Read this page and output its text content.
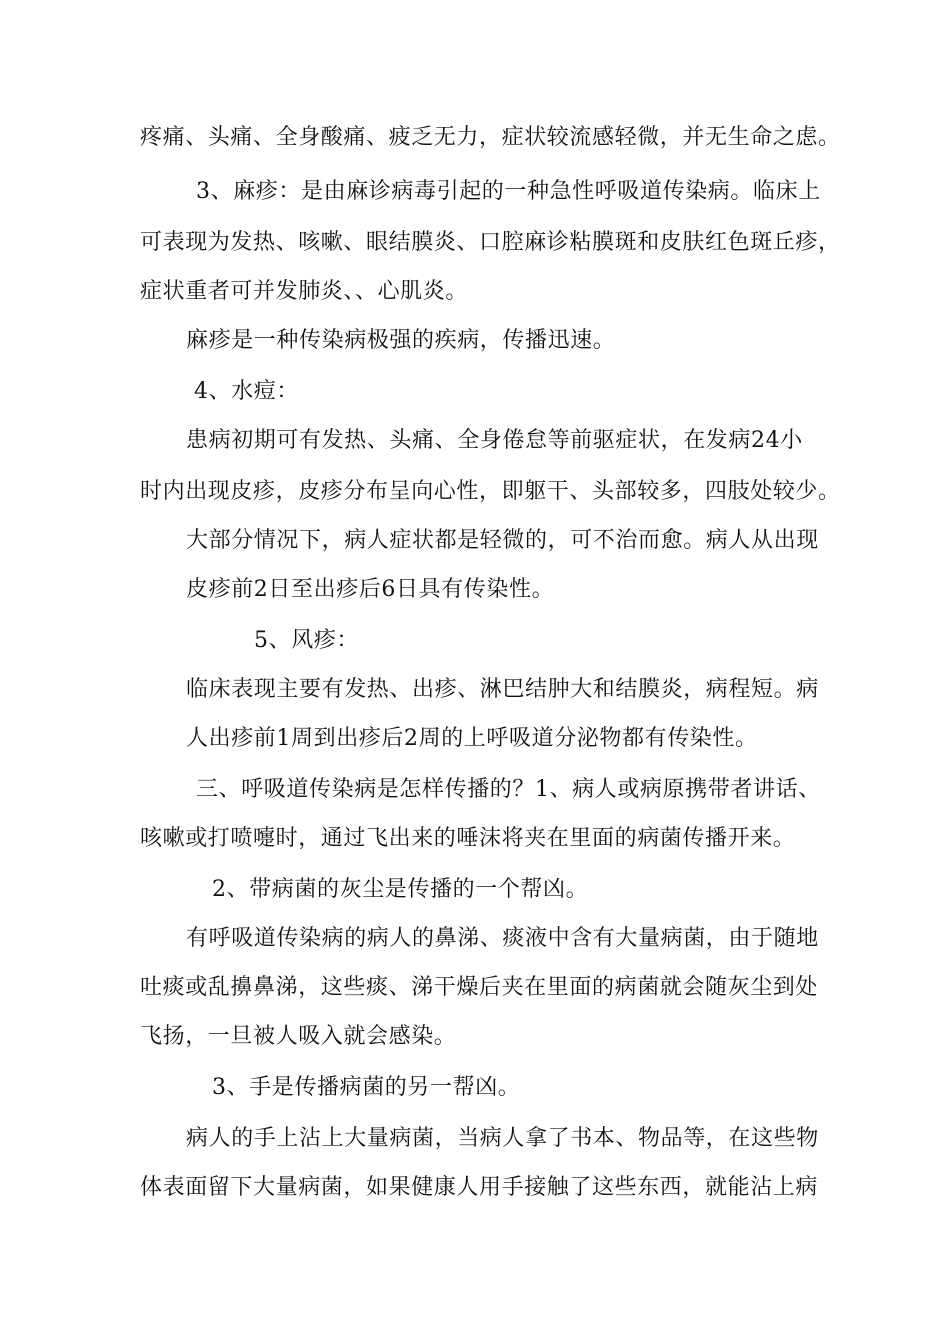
疼痛、头痛、全身酸痛、疲乏无力，症状较流感轻微，并无生命之虑。
3、麻疹：是由麻诊病毒引起的一种急性呼吸道传染病。临床上
可表现为发热、咳嗽、眼结膜炎、口腔麻诊粘膜斑和皮肤红色斑丘疹，
症状重者可并发肺炎、、心肌炎。
麻疹是一种传染病极强的疾病，传播迅速。
4、水痘：
患病初期可有发热、头痛、全身倦怠等前驱症状，在发病24小
时内出现皮疹，皮疹分布呈向心性，即躯干、头部较多，四肢处较少。
大部分情况下，病人症状都是轻微的，可不治而愈。病人从出现
皮疹前2日至出疹后6日具有传染性。
5、风疹：
临床表现主要有发热、出疹、淋巴结肿大和结膜炎，病程短。病
人出疹前1周到出疹后2周的上呼吸道分泌物都有传染性。
三、呼吸道传染病是怎样传播的？1、病人或病原携带者讲话、
咳嗽或打喷嚏时，通过飞出来的唾沫将夹在里面的病菌传播开来。
2、带病菌的灰尘是传播的一个帮凶。
有呼吸道传染病的病人的鼻涕、痰液中含有大量病菌，由于随地
吐痰或乱擤鼻涕，这些痰、涕干燥后夹在里面的病菌就会随灰尘到处
飞扬，一旦被人吸入就会感染。
3、手是传播病菌的另一帮凶。
病人的手上沾上大量病菌，当病人拿了书本、物品等，在这些物
体表面留下大量病菌，如果健康人用手接触了这些东西，就能沾上病
